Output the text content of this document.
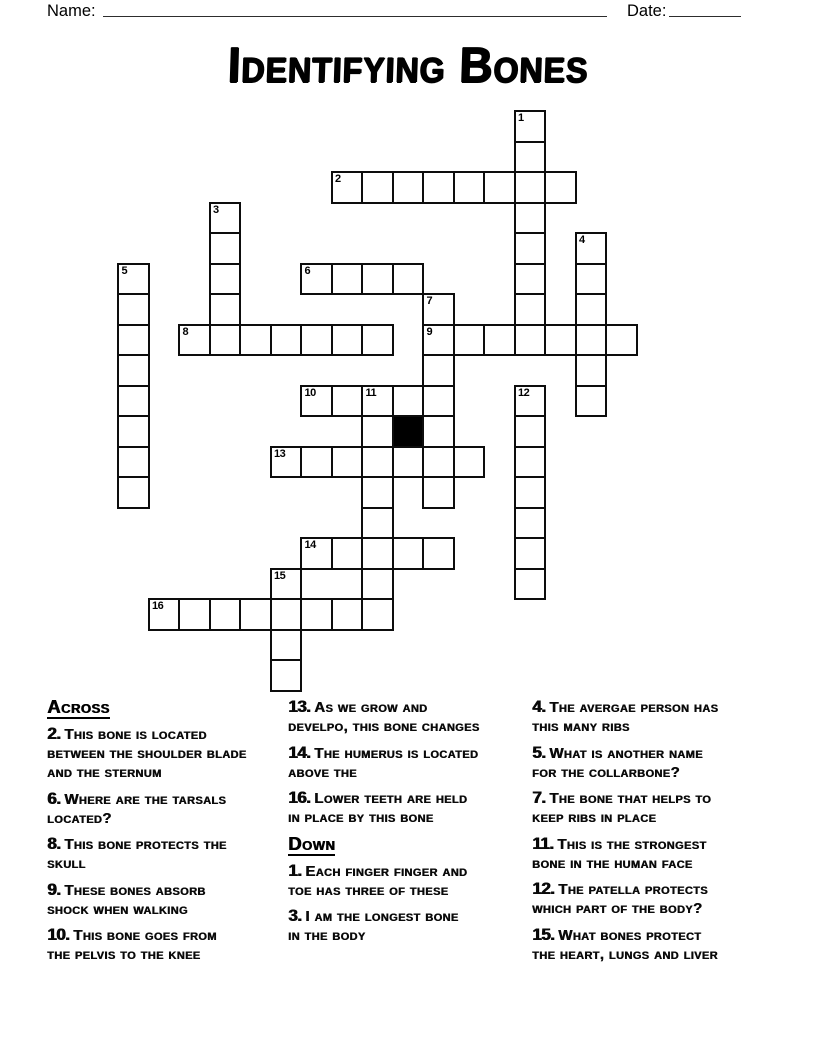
Name:	Date:
Identifying Bones
1
2
3
4
5	6
7
9
8
10	11	12
13
14
15
16
Across

2. This bone is located
between the shoulder blade
and the sternum

6. Where are the tarsals
located?

8. This bone protects the
skull

9. These bones absorb
shock when walking

10. This bone goes from
the pelvis to the knee

13. As we grow and
develpo, this bone changes

14. The humerus is located
above the

16. Lower teeth are held
in place by this bone

Down

1. Each finger finger and
toe has three of these

3. I am the longest bone
in the body

4. The avergae person has
this many ribs

5. What is another name
for the collarbone?

7. The bone that helps to
keep ribs in place

11. This is the strongest
bone in the human face

12. The patella protects
which part of the body?

15. What bones protect
the heart, lungs and liver
